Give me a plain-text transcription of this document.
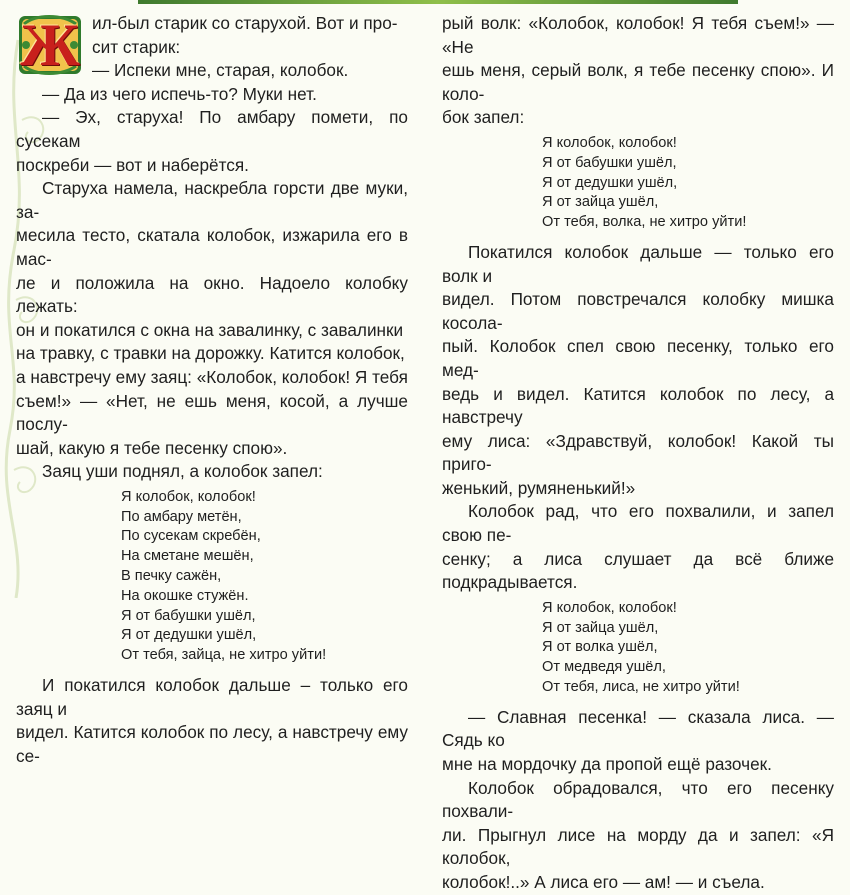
Ж ил-был старик со старухой. Вот и про-
сит старик:
— Испеки мне, старая, колобок.

— Да из чего испечь-то? Муки нет.

— Эх, старуха! По амбару помети, по сусекам
поскреби — вот и наберётся.

Старуха намела, наскребла горсти две муки, за-
месила тесто, скатала колобок, изжарила его в мас-
ле и положила на окно. Надоело колобку лежать:
он и покатился с окна на завалинку, с завалинки
на травку, с травки на дорожку. Катится колобок,
а навстречу ему заяц: «Колобок, колобок! Я тебя
съем!» — «Нет, не ешь меня, косой, а лучше послу-
шай, какую я тебе песенку спою».

Заяц уши поднял, а колобок запел:

Я колобок, колобок!
По амбару метён,
По сусекам скребён,
На сметане мешён,
В печку сажён,
На окошке стужён.
Я от бабушки ушёл,
Я от дедушки ушёл,
От тебя, зайца, не хитро уйти!

И покатился колобок дальше – только его заяц и
видел. Катится колобок по лесу, а навстречу ему се-

рый волк: «Колобок, колобок! Я тебя съем!» — «Не
ешь меня, серый волк, я тебе песенку спою». И коло-
бок запел:

Я колобок, колобок!
Я от бабушки ушёл,
Я от дедушки ушёл,
Я от зайца ушёл,
От тебя, волка, не хитро уйти!

Покатился колобок дальше — только его волк и
видел. Потом повстречался колобку мишка косола-
пый. Колобок спел свою песенку, только его мед-
ведь и видел. Катится колобок по лесу, а навстречу
ему лиса: «Здравствуй, колобок! Какой ты приго-
женький, румяненький!»

Колобок рад, что его похвалили, и запел свою пе-
сенку; а лиса слушает да всё ближе подкрадывается.

Я колобок, колобок!
Я от зайца ушёл,
Я от волка ушёл,
От медведя ушёл,
От тебя, лиса, не хитро уйти!

— Славная песенка! — сказала лиса. — Сядь ко
мне на мордочку да пропой ещё разочек.

Колобок обрадовался, что его песенку похвали-
ли. Прыгнул лисе на морду да и запел: «Я колобок,
колобок!..» А лиса его — ам! — и съела.
